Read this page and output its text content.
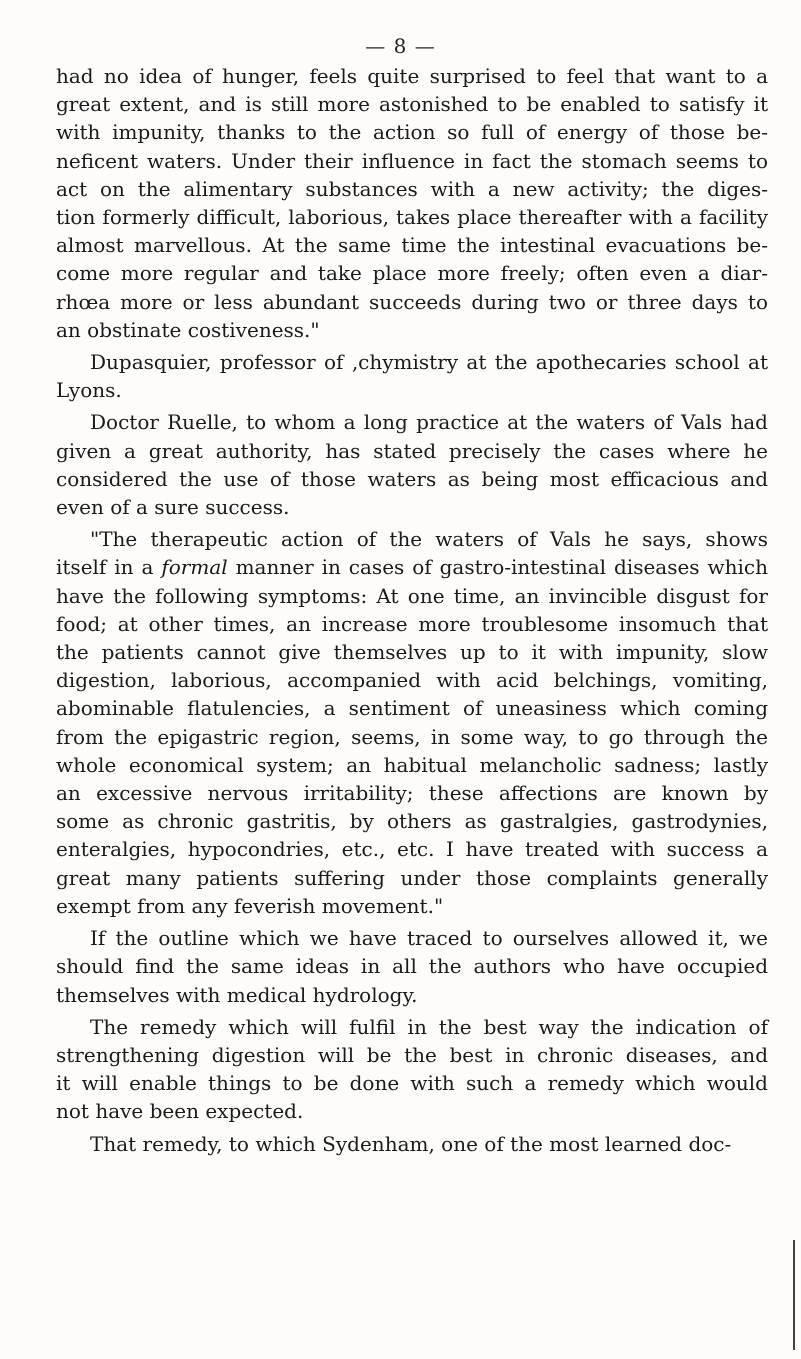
— 8 —

had no idea of hunger, feels quite surprised to feel that want to a
great extent, and is still more astonished to be enabled to satisfy it
with impunity, thanks to the action so full of energy of those be-
neficent waters. Under their influence in fact the stomach seems to
act on the alimentary substances with a new activity; the diges-
tion formerly difficult, laborious, takes place thereafter with a facility
almost marvellous. At the same time the intestinal evacuations be-
come more regular and take place more freely; often even a diar-
rhœa more or less abundant succeeds during two or three days to
an obstinate costiveness."

Dupasquier, professor of ‚chymistry at the apothecaries school at
Lyons.

Doctor Ruelle, to whom a long practice at the waters of Vals had
given a great authority, has stated precisely the cases where he
considered the use of those waters as being most efficacious and
even of a sure success.

"The therapeutic action of the waters of Vals he says, shows
itself in a formal manner in cases of gastro-intestinal diseases which
have the following symptoms: At one time, an invincible disgust for
food; at other times, an increase more troublesome insomuch that
the patients cannot give themselves up to it with impunity, slow
digestion, laborious, accompanied with acid belchings, vomiting,
abominable flatulencies, a sentiment of uneasiness which coming
from the epigastric region, seems, in some way, to go through the
whole economical system; an habitual melancholic sadness; lastly
an excessive nervous irritability; these affections are known by
some as chronic gastritis, by others as gastralgies, gastrodynies,
enteralgies, hypocondries, etc., etc. I have treated with success a
great many patients suffering under those complaints generally
exempt from any feverish movement."

If the outline which we have traced to ourselves allowed it, we
should find the same ideas in all the authors who have occupied
themselves with medical hydrology.

The remedy which will fulfil in the best way the indication of
strengthening digestion will be the best in chronic diseases, and
it will enable things to be done with such a remedy which would
not have been expected.

That remedy, to which Sydenham, one of the most learned doc-
